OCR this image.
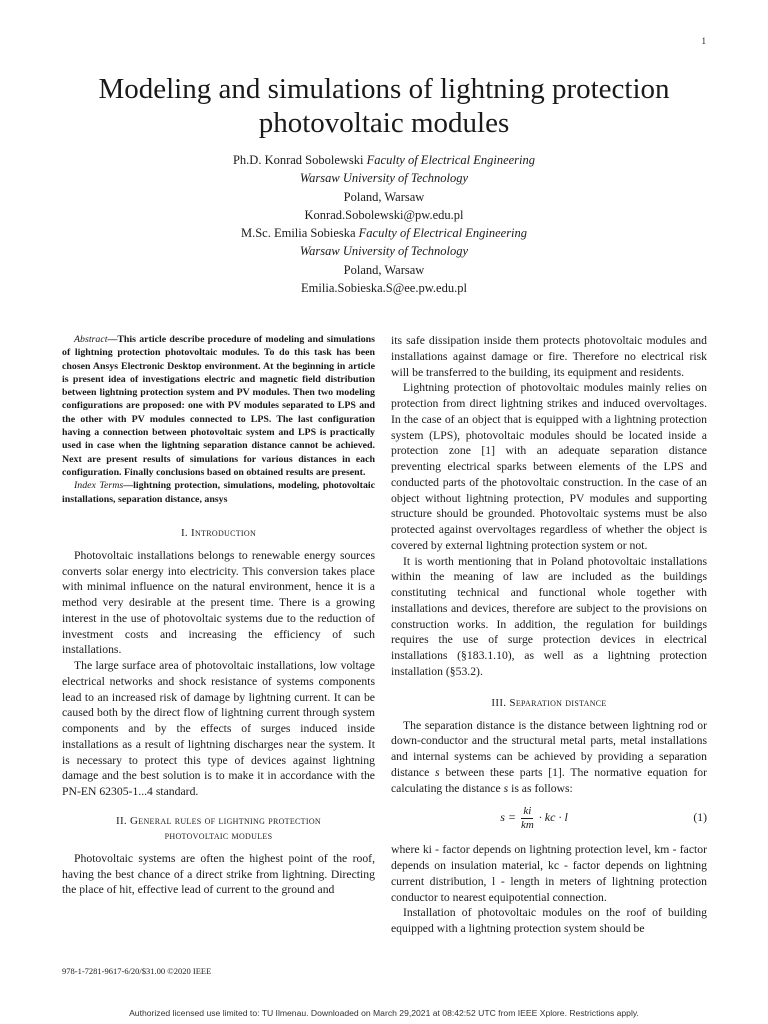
1
Modeling and simulations of lightning protection photovoltaic modules
Ph.D. Konrad Sobolewski Faculty of Electrical Engineering
Warsaw University of Technology
Poland, Warsaw
Konrad.Sobolewski@pw.edu.pl
M.Sc. Emilia Sobieska Faculty of Electrical Engineering
Warsaw University of Technology
Poland, Warsaw
Emilia.Sobieska.S@ee.pw.edu.pl

Abstract—This article describe procedure of modeling and simulations of lightning protection photovoltaic modules. To do this task has been chosen Ansys Electronic Desktop environment. At the beginning in article is present idea of investigations electric and magnetic field distribution between lightning protection system and PV modules. Then two modeling configurations are proposed: one with PV modules separated to LPS and the other with PV modules connected to LPS. The last configuration having a connection between photovoltaic system and LPS is practically used in case when the lightning separation distance cannot be achieved. Next are present results of simulations for various distances in each configuration. Finally conclusions based on obtained results are present.

Index Terms—lightning protection, simulations, modeling, photovoltaic installations, separation distance, ansys

I. Introduction

Photovoltaic installations belongs to renewable energy sources converts solar energy into electricity. This conversion takes place with minimal influence on the natural environment, hence it is a method very desirable at the present time. There is a growing interest in the use of photovoltaic systems due to the reduction of investment costs and increasing the efficiency of such installations.

The large surface area of photovoltaic installations, low voltage electrical networks and shock resistance of systems components lead to an increased risk of damage by lightning current. It can be caused both by the direct flow of lightning current through system components and by the effects of surges induced inside installations as a result of lightning discharges near the system. It is necessary to protect this type of devices against lightning damage and the best solution is to make it in accordance with the PN-EN 62305-1...4 standard.

II. General rules of lightning protection
photovoltaic modules

Photovoltaic systems are often the highest point of the roof, having the best chance of a direct strike from lightning. Directing the place of hit, effective lead of current to the ground and

its safe dissipation inside them protects photovoltaic modules and installations against damage or fire. Therefore no electrical risk will be transferred to the building, its equipment and residents.

Lightning protection of photovoltaic modules mainly relies on protection from direct lightning strikes and induced overvoltages. In the case of an object that is equipped with a lightning protection system (LPS), photovoltaic modules should be located inside a protection zone [1] with an adequate separation distance preventing electrical sparks between elements of the LPS and conducted parts of the photovoltaic construction. In the case of an object without lightning protection, PV modules and supporting structure should be grounded. Photovoltaic systems must be also protected against overvoltages regardless of whether the object is covered by external lightning protection system or not.

It is worth mentioning that in Poland photovoltaic installations within the meaning of law are included as the buildings constituting technical and functional whole together with installations and devices, therefore are subject to the provisions on construction works. In addition, the regulation for buildings requires the use of surge protection devices in electrical installations (§183.1.10), as well as a lightning protection installation (§53.2).

III. Separation distance

The separation distance is the distance between lightning rod or down-conductor and the structural metal parts, metal installations and internal systems can be achieved by providing a separation distance s between these parts [1]. The normative equation for calculating the distance s is as follows:

$s = \frac{ki}{km}$ · kc · l	(1)

where ki - factor depends on lightning protection level, km - factor depends on insulation material, kc - factor depends on lightning current distribution, l - length in meters of lightning protection conductor to nearest equipotential connection.

Installation of photovoltaic modules on the roof of building equipped with a lightning protection system should be

978-1-7281-9617-6/20/$31.00 ©2020 IEEE
Authorized licensed use limited to: TU Ilmenau. Downloaded on March 29,2021 at 08:42:52 UTC from IEEE Xplore. Restrictions apply.
